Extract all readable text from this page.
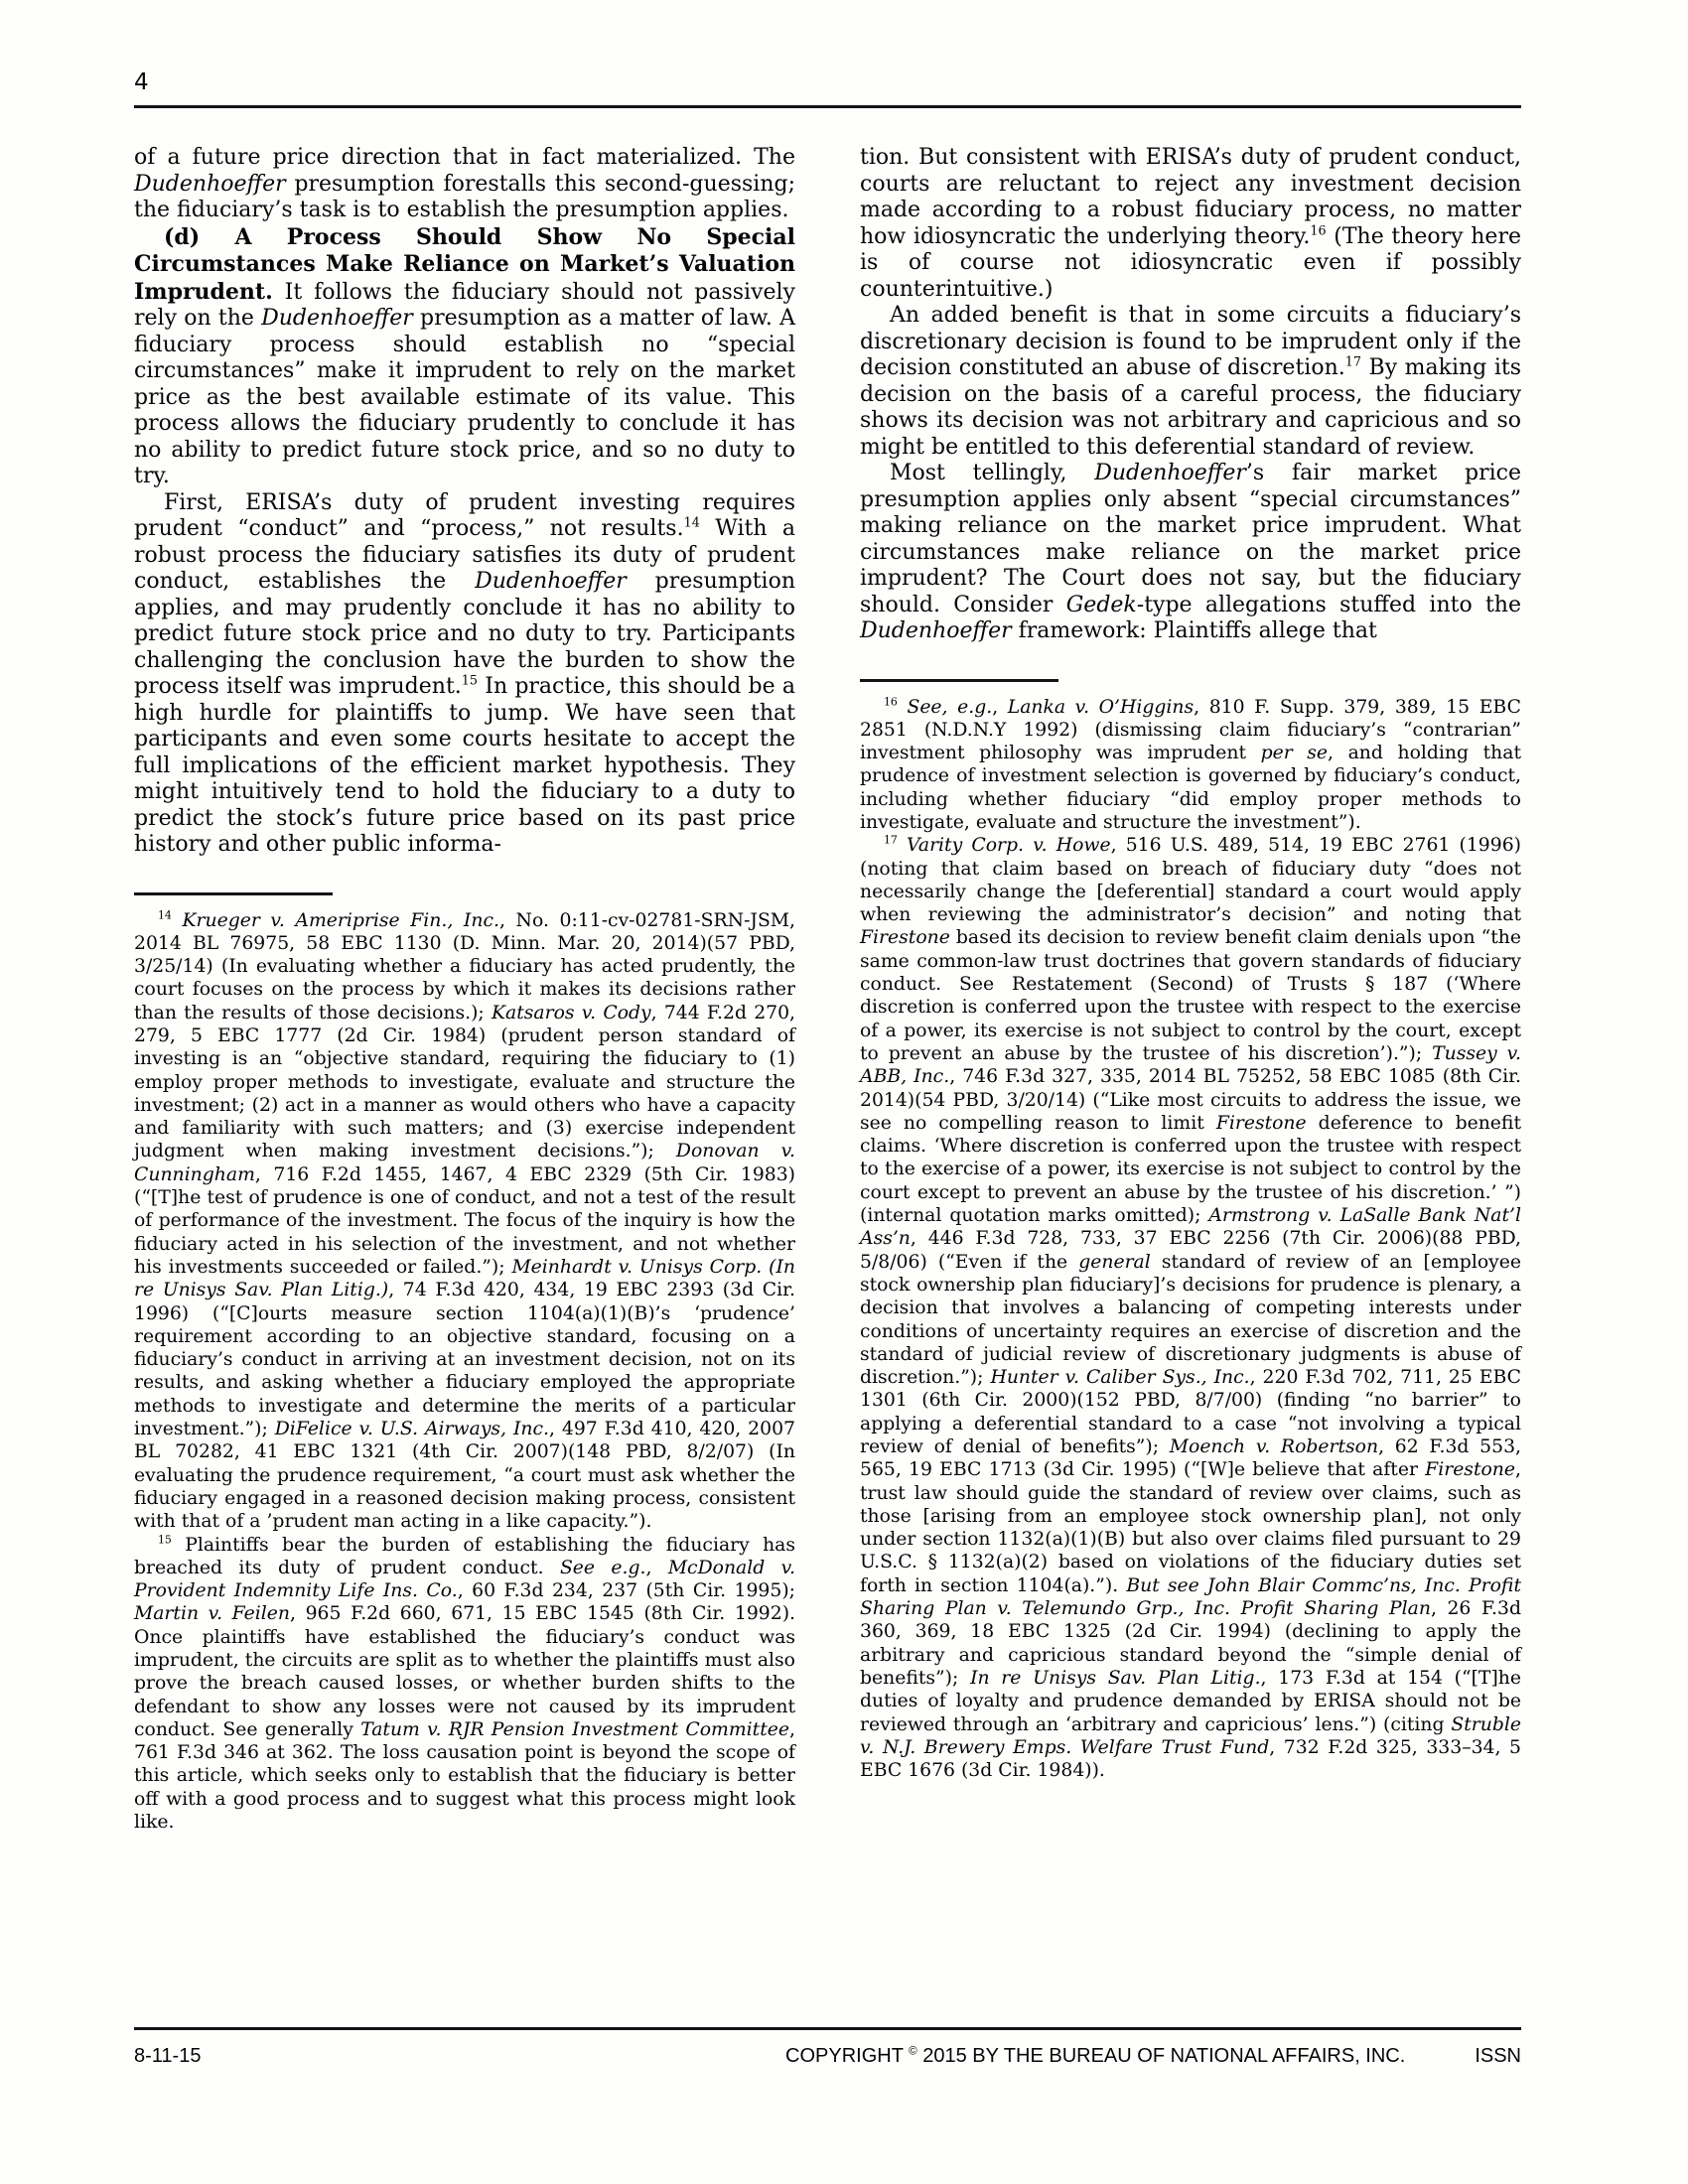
4

of a future price direction that in fact materialized. The Dudenhoeffer presumption forestalls this second-guessing; the fiduciary’s task is to establish the presumption applies.

(d) A Process Should Show No Special Circumstances Make Reliance on Market’s Valuation Imprudent. It follows the fiduciary should not passively rely on the Dudenhoeffer presumption as a matter of law. A fiduciary process should establish no “special circumstances” make it imprudent to rely on the market price as the best available estimate of its value. This process allows the fiduciary prudently to conclude it has no ability to predict future stock price, and so no duty to try.

First, ERISA’s duty of prudent investing requires prudent “conduct” and “process,” not results.$^{14}$ With a robust process the fiduciary satisfies its duty of prudent conduct, establishes the Dudenhoeffer presumption applies, and may prudently conclude it has no ability to predict future stock price and no duty to try. Participants challenging the conclusion have the burden to show the process itself was imprudent.$^{15}$ In practice, this should be a high hurdle for plaintiffs to jump. We have seen that participants and even some courts hesitate to accept the full implications of the efficient market hypothesis. They might intuitively tend to hold the fiduciary to a duty to predict the stock’s future price based on its past price history and other public informa-

$^{14}$ Krueger v. Ameriprise Fin., Inc., No. 0:11-cv-02781-SRN-JSM, 2014 BL 76975, 58 EBC 1130 (D. Minn. Mar. 20, 2014)(57 PBD, 3/25/14) (In evaluating whether a fiduciary has acted prudently, the court focuses on the process by which it makes its decisions rather than the results of those decisions.); Katsaros v. Cody, 744 F.2d 270, 279, 5 EBC 1777 (2d Cir. 1984) (prudent person standard of investing is an “objective standard, requiring the fiduciary to (1) employ proper methods to investigate, evaluate and structure the investment; (2) act in a manner as would others who have a capacity and familiarity with such matters; and (3) exercise independent judgment when making investment decisions.”); Donovan v. Cunningham, 716 F.2d 1455, 1467, 4 EBC 2329 (5th Cir. 1983) (“[T]he test of prudence is one of conduct, and not a test of the result of performance of the investment. The focus of the inquiry is how the fiduciary acted in his selection of the investment, and not whether his investments succeeded or failed.”); Meinhardt v. Unisys Corp. (In re Unisys Sav. Plan Litig.), 74 F.3d 420, 434, 19 EBC 2393 (3d Cir. 1996) (“[C]ourts measure section 1104(a)(1)(B)’s ‘prudence’ requirement according to an objective standard, focusing on a fiduciary’s conduct in arriving at an investment decision, not on its results, and asking whether a fiduciary employed the appropriate methods to investigate and determine the merits of a particular investment.”); DiFelice v. U.S. Airways, Inc., 497 F.3d 410, 420, 2007 BL 70282, 41 EBC 1321 (4th Cir. 2007)(148 PBD, 8/2/07) (In evaluating the prudence requirement, “a court must ask whether the fiduciary engaged in a reasoned decision making process, consistent with that of a ’prudent man acting in a like capacity.”).

$^{15}$ Plaintiffs bear the burden of establishing the fiduciary has breached its duty of prudent conduct. See e.g., McDonald v. Provident Indemnity Life Ins. Co., 60 F.3d 234, 237 (5th Cir. 1995); Martin v. Feilen, 965 F.2d 660, 671, 15 EBC 1545 (8th Cir. 1992). Once plaintiffs have established the fiduciary’s conduct was imprudent, the circuits are split as to whether the plaintiffs must also prove the breach caused losses, or whether burden shifts to the defendant to show any losses were not caused by its imprudent conduct. See generally Tatum v. RJR Pension Investment Committee, 761 F.3d 346 at 362. The loss causation point is beyond the scope of this article, which seeks only to establish that the fiduciary is better off with a good process and to suggest what this process might look like.

tion. But consistent with ERISA’s duty of prudent conduct, courts are reluctant to reject any investment decision made according to a robust fiduciary process, no matter how idiosyncratic the underlying theory.$^{16}$ (The theory here is of course not idiosyncratic even if possibly counterintuitive.)

An added benefit is that in some circuits a fiduciary’s discretionary decision is found to be imprudent only if the decision constituted an abuse of discretion.$^{17}$ By making its decision on the basis of a careful process, the fiduciary shows its decision was not arbitrary and capricious and so might be entitled to this deferential standard of review.

Most tellingly, Dudenhoeffer’s fair market price presumption applies only absent “special circumstances” making reliance on the market price imprudent. What circumstances make reliance on the market price imprudent? The Court does not say, but the fiduciary should. Consider Gedek-type allegations stuffed into the Dudenhoeffer framework: Plaintiffs allege that

$^{16}$ See, e.g., Lanka v. O’Higgins, 810 F. Supp. 379, 389, 15 EBC 2851 (N.D.N.Y 1992) (dismissing claim fiduciary’s “contrarian” investment philosophy was imprudent per se, and holding that prudence of investment selection is governed by fiduciary’s conduct, including whether fiduciary “did employ proper methods to investigate, evaluate and structure the investment”).

$^{17}$ Varity Corp. v. Howe, 516 U.S. 489, 514, 19 EBC 2761 (1996) (noting that claim based on breach of fiduciary duty “does not necessarily change the [deferential] standard a court would apply when reviewing the administrator’s decision” and noting that Firestone based its decision to review benefit claim denials upon “the same common-law trust doctrines that govern standards of fiduciary conduct. See Restatement (Second) of Trusts § 187 (‘Where discretion is conferred upon the trustee with respect to the exercise of a power, its exercise is not subject to control by the court, except to prevent an abuse by the trustee of his discretion’).”); Tussey v. ABB, Inc., 746 F.3d 327, 335, 2014 BL 75252, 58 EBC 1085 (8th Cir. 2014)(54 PBD, 3/20/14) (“Like most circuits to address the issue, we see no compelling reason to limit Firestone deference to benefit claims. ‘Where discretion is conferred upon the trustee with respect to the exercise of a power, its exercise is not subject to control by the court except to prevent an abuse by the trustee of his discretion.’ ”) (internal quotation marks omitted); Armstrong v. LaSalle Bank Nat’l Ass’n, 446 F.3d 728, 733, 37 EBC 2256 (7th Cir. 2006)(88 PBD, 5/8/06) (“Even if the general standard of review of an [employee stock ownership plan fiduciary]’s decisions for prudence is plenary, a decision that involves a balancing of competing interests under conditions of uncertainty requires an exercise of discretion and the standard of judicial review of discretionary judgments is abuse of discretion.”); Hunter v. Caliber Sys., Inc., 220 F.3d 702, 711, 25 EBC 1301 (6th Cir. 2000)(152 PBD, 8/7/00) (finding “no barrier” to applying a deferential standard to a case “not involving a typical review of denial of benefits”); Moench v. Robertson, 62 F.3d 553, 565, 19 EBC 1713 (3d Cir. 1995) (“[W]e believe that after Firestone, trust law should guide the standard of review over claims, such as those [arising from an employee stock ownership plan], not only under section 1132(a)(1)(B) but also over claims filed pursuant to 29 U.S.C. § 1132(a)(2) based on violations of the fiduciary duties set forth in section 1104(a).”). But see John Blair Commc’ns, Inc. Profit Sharing Plan v. Telemundo Grp., Inc. Profit Sharing Plan, 26 F.3d 360, 369, 18 EBC 1325 (2d Cir. 1994) (declining to apply the arbitrary and capricious standard beyond the “simple denial of benefits”); In re Unisys Sav. Plan Litig., 173 F.3d at 154 (“[T]he duties of loyalty and prudence demanded by ERISA should not be reviewed through an ‘arbitrary and capricious’ lens.”) (citing Struble v. N.J. Brewery Emps. Welfare Trust Fund, 732 F.2d 325, 333–34, 5 EBC 1676 (3d Cir. 1984)).

8-11-15	COPYRIGHT © 2015 BY THE BUREAU OF NATIONAL AFFAIRS, INC.	ISSN
